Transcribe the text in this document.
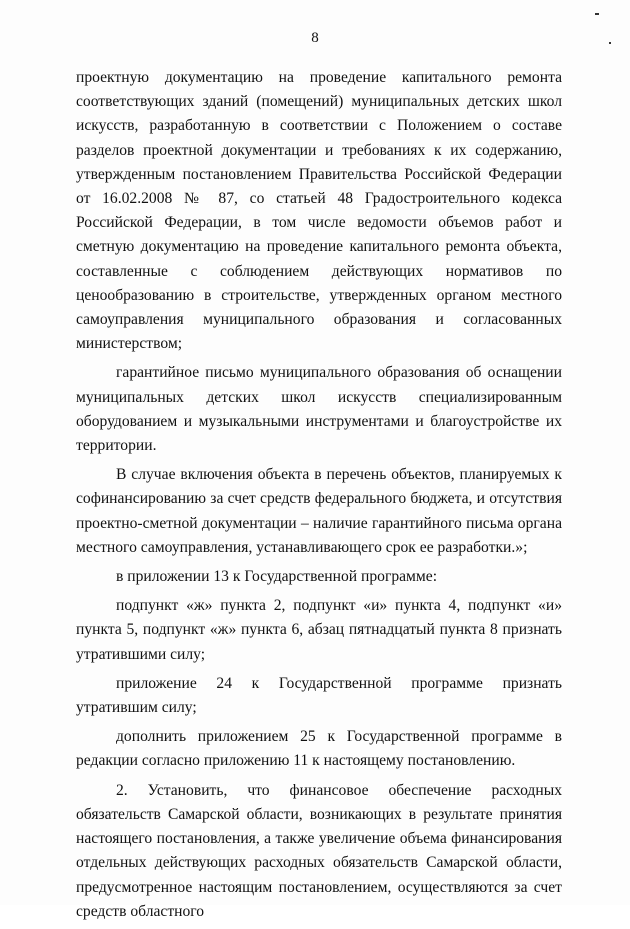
8

проектную документацию на проведение капитального ремонта соответствующих зданий (помещений) муниципальных детских школ искусств, разработанную в соответствии с Положением о составе разделов проектной документации и требованиях к их содержанию, утвержденным постановлением Правительства Российской Федерации от 16.02.2008 № 87, со статьей 48 Градостроительного кодекса Российской Федерации, в том числе ведомости объемов работ и сметную документацию на проведение капитального ремонта объекта, составленные с соблюдением действующих нормативов по ценообразованию в строительстве, утвержденных органом местного самоуправления муниципального образования и согласованных министерством;

гарантийное письмо муниципального образования об оснащении муниципальных детских школ искусств специализированным оборудованием и музыкальными инструментами и благоустройстве их территории.

В случае включения объекта в перечень объектов, планируемых к софинансированию за счет средств федерального бюджета, и отсутствия проектно-сметной документации – наличие гарантийного письма органа местного самоуправления, устанавливающего срок ее разработки.»;

в приложении 13 к Государственной программе:

подпункт «ж» пункта 2, подпункт «и» пункта 4, подпункт «и» пункта 5, подпункт «ж» пункта 6, абзац пятнадцатый пункта 8 признать утратившими силу;

приложение 24 к Государственной программе признать утратившим силу;

дополнить приложением 25 к Государственной программе в редакции согласно приложению 11 к настоящему постановлению.

2. Установить, что финансовое обеспечение расходных обязательств Самарской области, возникающих в результате принятия настоящего постановления, а также увеличение объема финансирования отдельных действующих расходных обязательств Самарской области, предусмотренное настоящим постановлением, осуществляются за счет средств областного
